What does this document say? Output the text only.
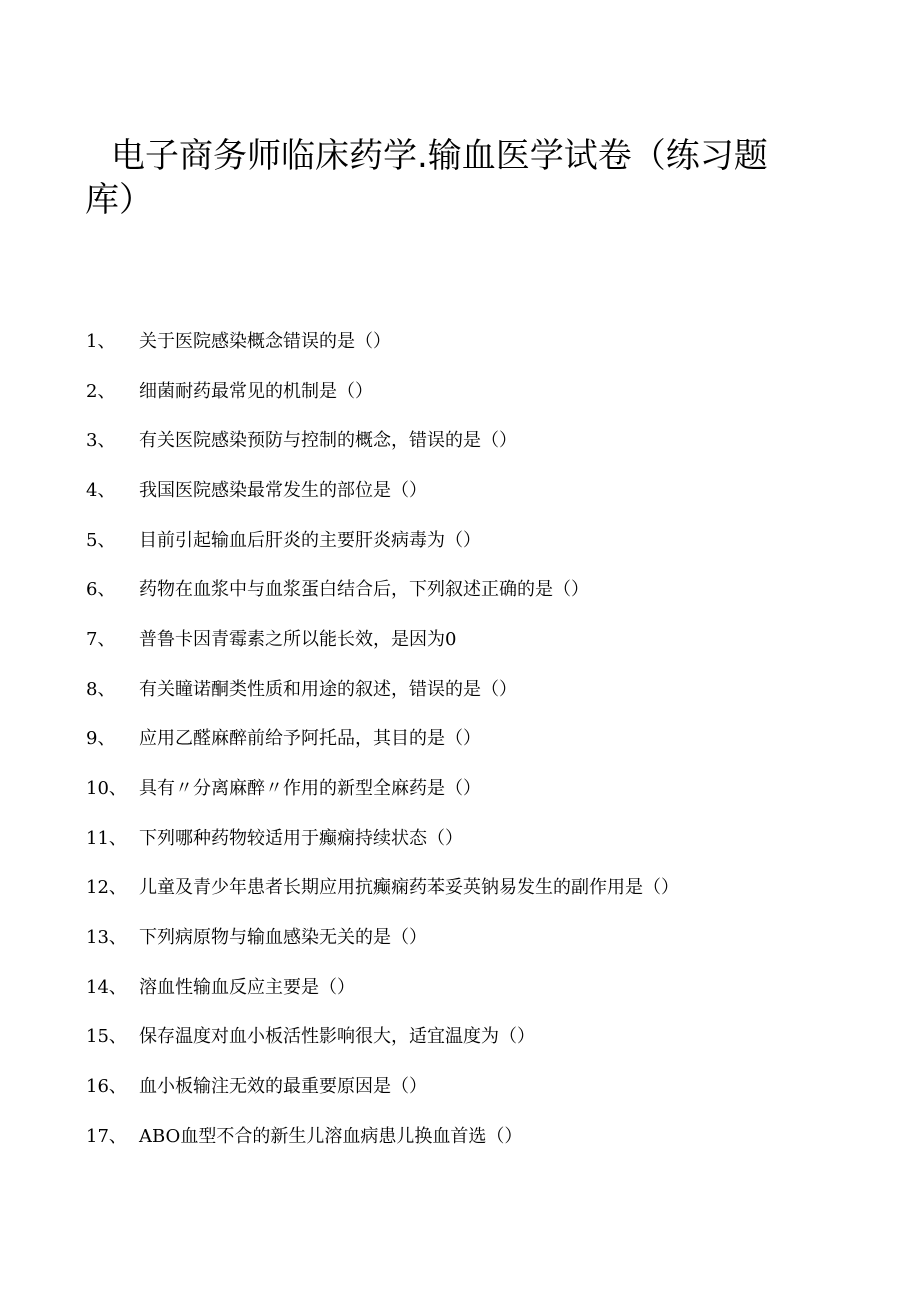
电子商务师临床药学.输血医学试卷（练习题库）
1、	关于医院感染概念错误的是（）
2、	细菌耐药最常见的机制是（）
3、	有关医院感染预防与控制的概念，错误的是（）
4、	我国医院感染最常发生的部位是（）
5、	目前引起输血后肝炎的主要肝炎病毒为（）
6、	药物在血浆中与血浆蛋白结合后，下列叙述正确的是（）
7、	普鲁卡因青霉素之所以能长效，是因为0
8、	有关瞳诺酮类性质和用途的叙述，错误的是（）
9、	应用乙醛麻醉前给予阿托品，其目的是（）
10、 具有〃分离麻醉〃作用的新型全麻药是（）
11、 下列哪种药物较适用于癫痫持续状态（）
12、 儿童及青少年患者长期应用抗癫痫药苯妥英钠易发生的副作用是（）
13、 下列病原物与输血感染无关的是（）
14、 溶血性输血反应主要是（）
15、 保存温度对血小板活性影响很大，适宜温度为（）
16、 血小板输注无效的最重要原因是（）
17、 ABO血型不合的新生儿溶血病患儿换血首选（）
